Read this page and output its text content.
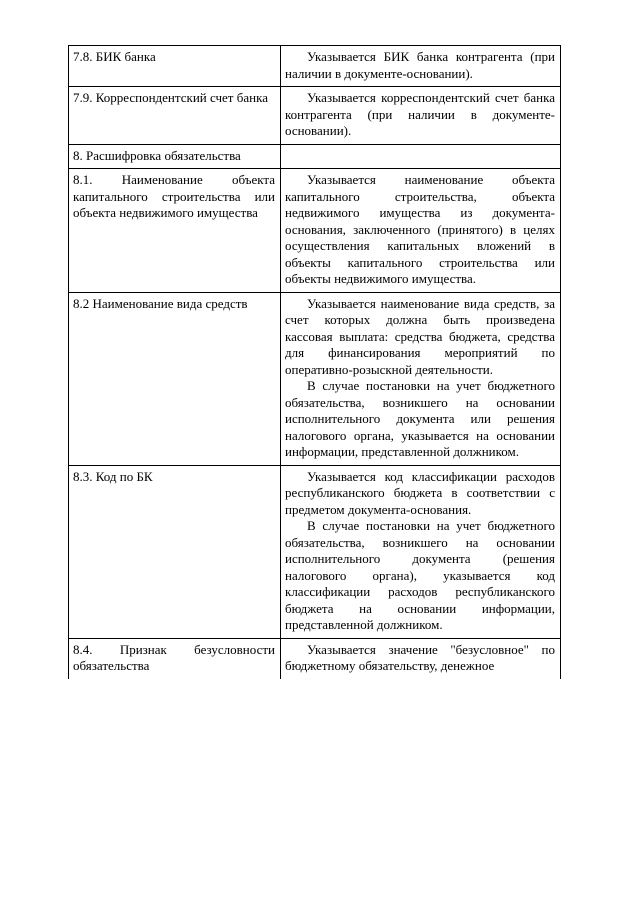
7.8. БИК банка	Указывается БИК банка контрагента (при наличии в документе-основании).

7.9. Корреспондентский счет банка	Указывается корреспондентский счет банка контрагента (при наличии в документе-основании).

8. Расшифровка обязательства	
8.1. Наименование объекта капитального строительства или объекта недвижимого имущества	Указывается наименование объекта капитального строительства, объекта недвижимого имущества из документа-основания, заключенного (принятого) в целях осуществления капитальных вложений в объекты капитального строительства или объекты недвижимого имущества.

8.2 Наименование вида средств	Указывается наименование вида средств, за счет которых должна быть произведена кассовая выплата: средства бюджета, средства для финансирования мероприятий по оперативно-розыскной деятельности.

В случае постановки на учет бюджетного обязательства, возникшего на основании исполнительного документа или решения налогового органа, указывается на основании информации, представленной должником.

8.3. Код по БК	Указывается код классификации расходов республиканского бюджета в соответствии с предметом документа-основания.

В случае постановки на учет бюджетного обязательства, возникшего на основании исполнительного документа (решения налогового органа), указывается код классификации расходов республиканского бюджета на основании информации, представленной должником.

8.4. Признак безусловности обязательства	Указывается значение "безусловное" по бюджетному обязательству, денежное
